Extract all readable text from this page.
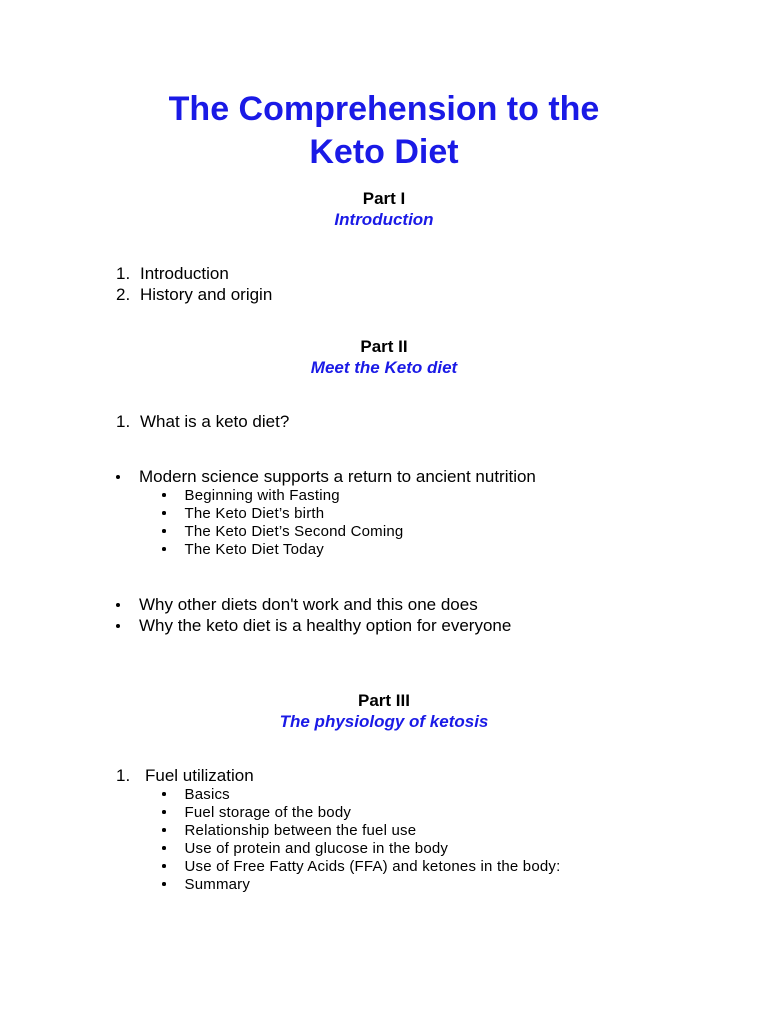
The Comprehension to the
Keto Diet
Part I
Introduction
1. Introduction
2. History and origin
Part II
Meet the Keto diet
1. What is a keto diet?
Modern science supports a return to ancient nutrition
Beginning with Fasting
The Keto Diet’s birth
The Keto Diet’s Second Coming
The Keto Diet Today
Why other diets don't work and this one does
Why the keto diet is a healthy option for everyone
Part III
The physiology of ketosis
1. Fuel utilization
Basics
Fuel storage of the body
Relationship between the fuel use
Use of protein and glucose in the body
Use of Free Fatty Acids (FFA) and ketones in the body:
Summary
